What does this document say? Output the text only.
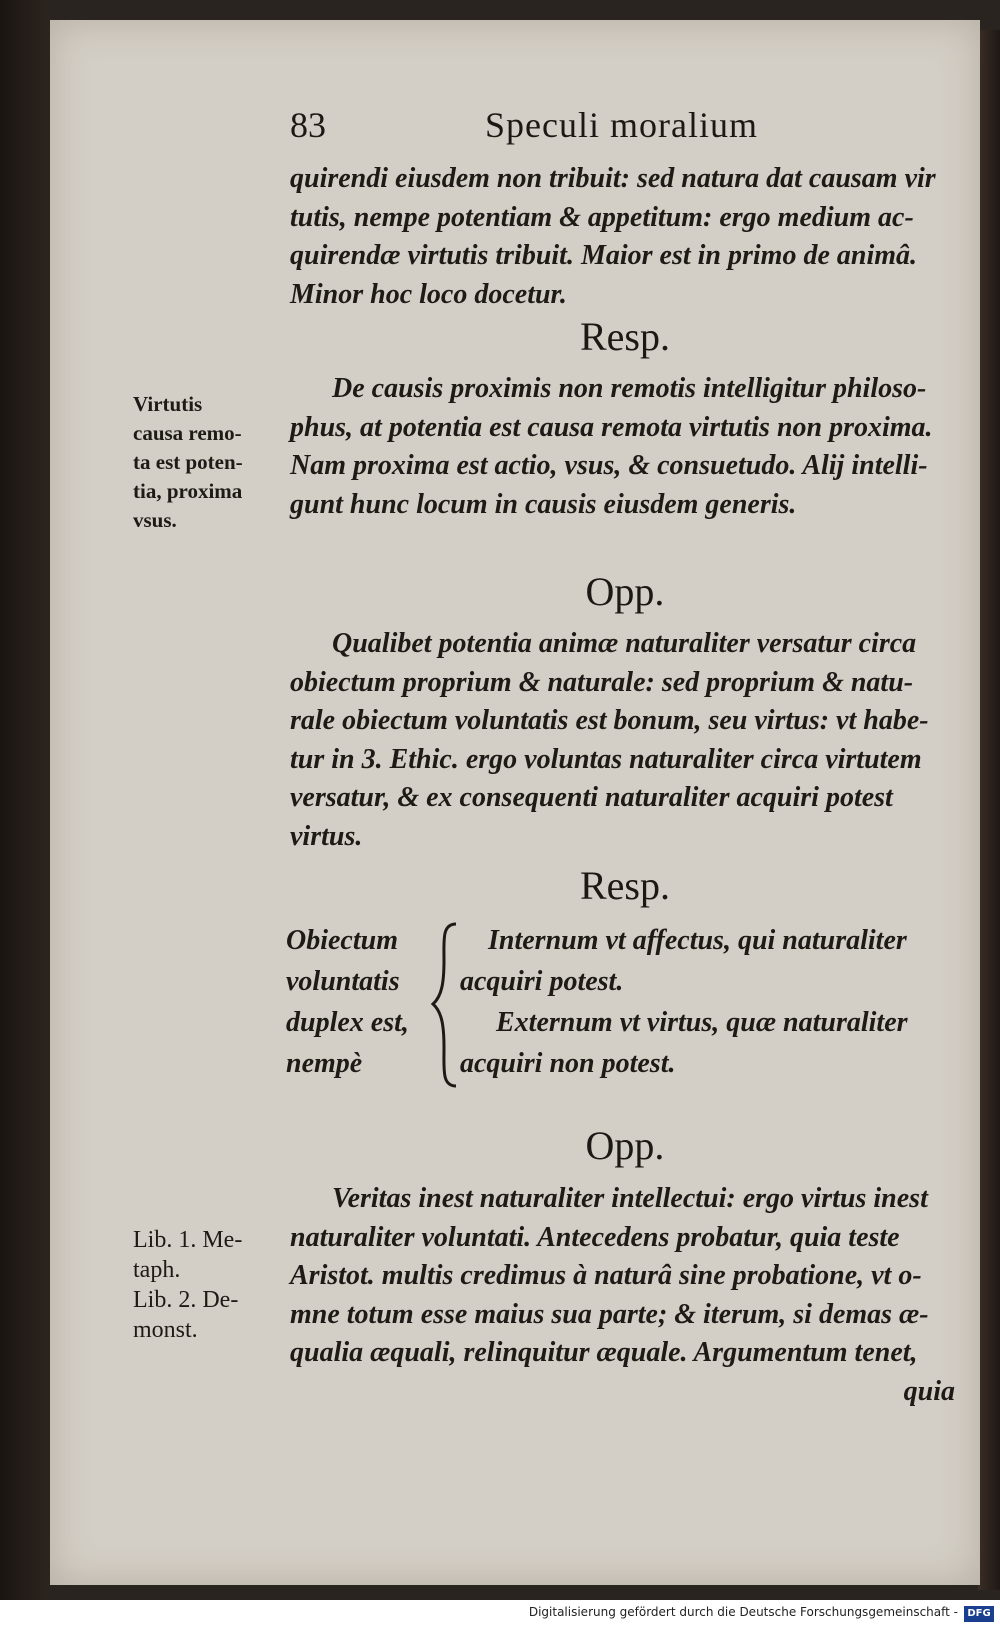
83	Speculi moralium
quirendi eiusdem non tribuit: sed natura dat causam vir
tutis, nempe potentiam & appetitum: ergo medium ac-
quirendæ virtutis tribuit. Maior est in primo de animâ.
Minor hoc loco docetur.
Resp.
De causis proximis non remotis intelligitur philoso-
phus, at potentia est causa remota virtutis non proxima.
Nam proxima est actio, vsus, & consuetudo. Alij intelli-
gunt hunc locum in causis eiusdem generis.
Virtutis
causa remo-
ta est poten-
tia, proxima
vsus.
Opp.
Qualibet potentia animæ naturaliter versatur circa
obiectum proprium & naturale: sed proprium & natu-
rale obiectum voluntatis est bonum, seu virtus: vt habe-
tur in 3. Ethic. ergo voluntas naturaliter circa virtutem
versatur, & ex consequenti naturaliter acquiri potest
virtus.
Resp.
Obiectum
voluntatis
duplex est,
nempè
Internum vt affectus, qui naturaliter
acquiri potest.
Externum vt virtus, quæ naturaliter
acquiri non potest.
Opp.
Veritas inest naturaliter intellectui: ergo virtus inest
naturaliter voluntati. Antecedens probatur, quia teste
Aristot. multis credimus à naturâ sine probatione, vt o-
mne totum esse maius sua parte; & iterum, si demas æ-
qualia æquali, relinquitur æquale. Argumentum tenet,
quia
Lib. 1. Me-
taph.
Lib. 2. De-
monst.
Digitalisierung gefördert durch die Deutsche Forschungsgemeinschaft - DFG
